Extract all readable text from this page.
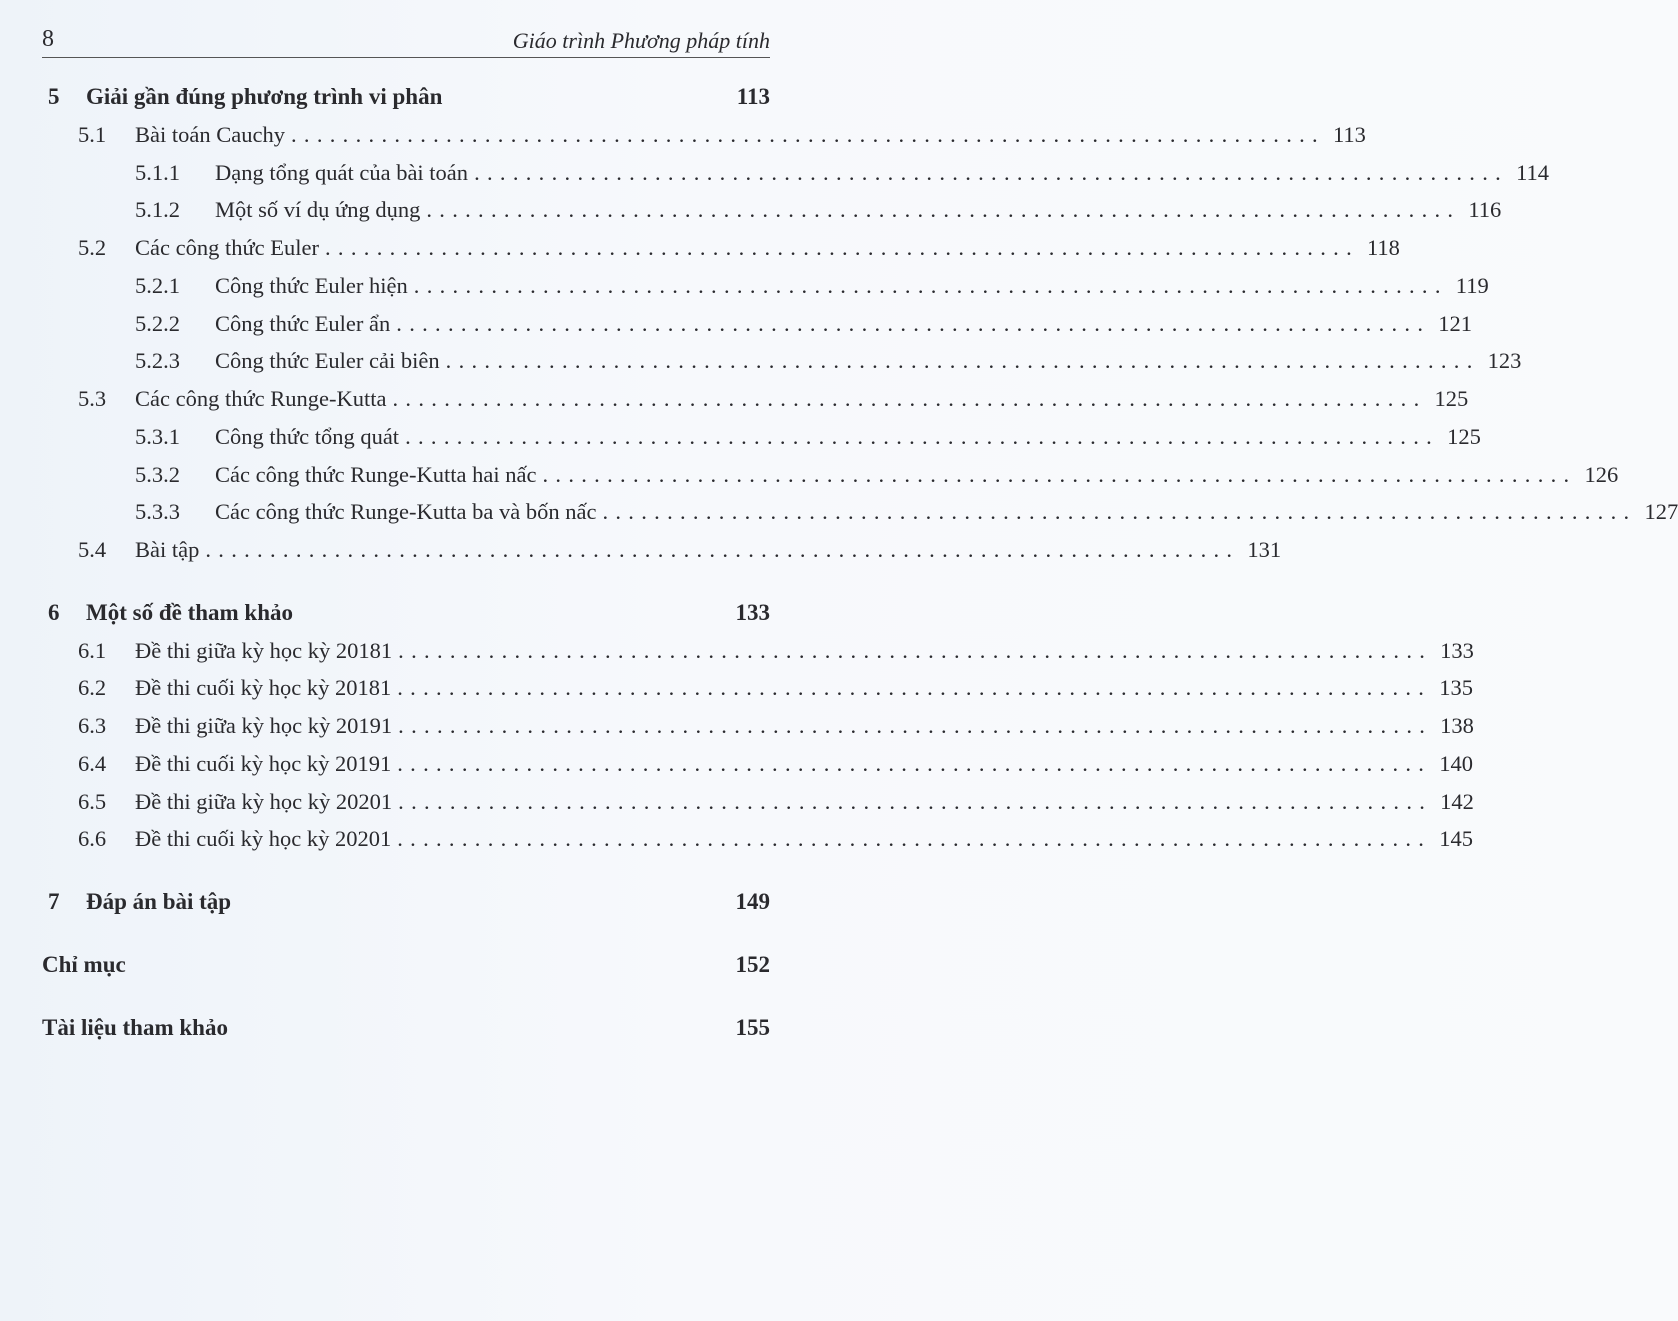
8	Giáo trình Phương pháp tính
5 Giải gần đúng phương trình vi phân	113
5.1 Bài toán Cauchy ................................................................................ 113
5.1.1 Dạng tổng quát của bài toán ................................................................................ 114
5.1.2 Một số ví dụ ứng dụng ................................................................................ 116
5.2 Các công thức Euler ................................................................................ 118
5.2.1 Công thức Euler hiện ................................................................................ 119
5.2.2 Công thức Euler ẩn ................................................................................ 121
5.2.3 Công thức Euler cải biên ................................................................................ 123
5.3 Các công thức Runge-Kutta ................................................................................ 125
5.3.1 Công thức tổng quát ................................................................................ 125
5.3.2 Các công thức Runge-Kutta hai nấc ................................................................................ 126
5.3.3 Các công thức Runge-Kutta ba và bốn nấc ................................................................................ 127
5.4 Bài tập ................................................................................ 131
6 Một số đề tham khảo	133
6.1 Đề thi giữa kỳ học kỳ 20181 ................................................................................ 133
6.2 Đề thi cuối kỳ học kỳ 20181 ................................................................................ 135
6.3 Đề thi giữa kỳ học kỳ 20191 ................................................................................ 138
6.4 Đề thi cuối kỳ học kỳ 20191 ................................................................................ 140
6.5 Đề thi giữa kỳ học kỳ 20201 ................................................................................ 142
6.6 Đề thi cuối kỳ học kỳ 20201 ................................................................................ 145
7 Đáp án bài tập	149
Chỉ mục	152
Tài liệu tham khảo	155
